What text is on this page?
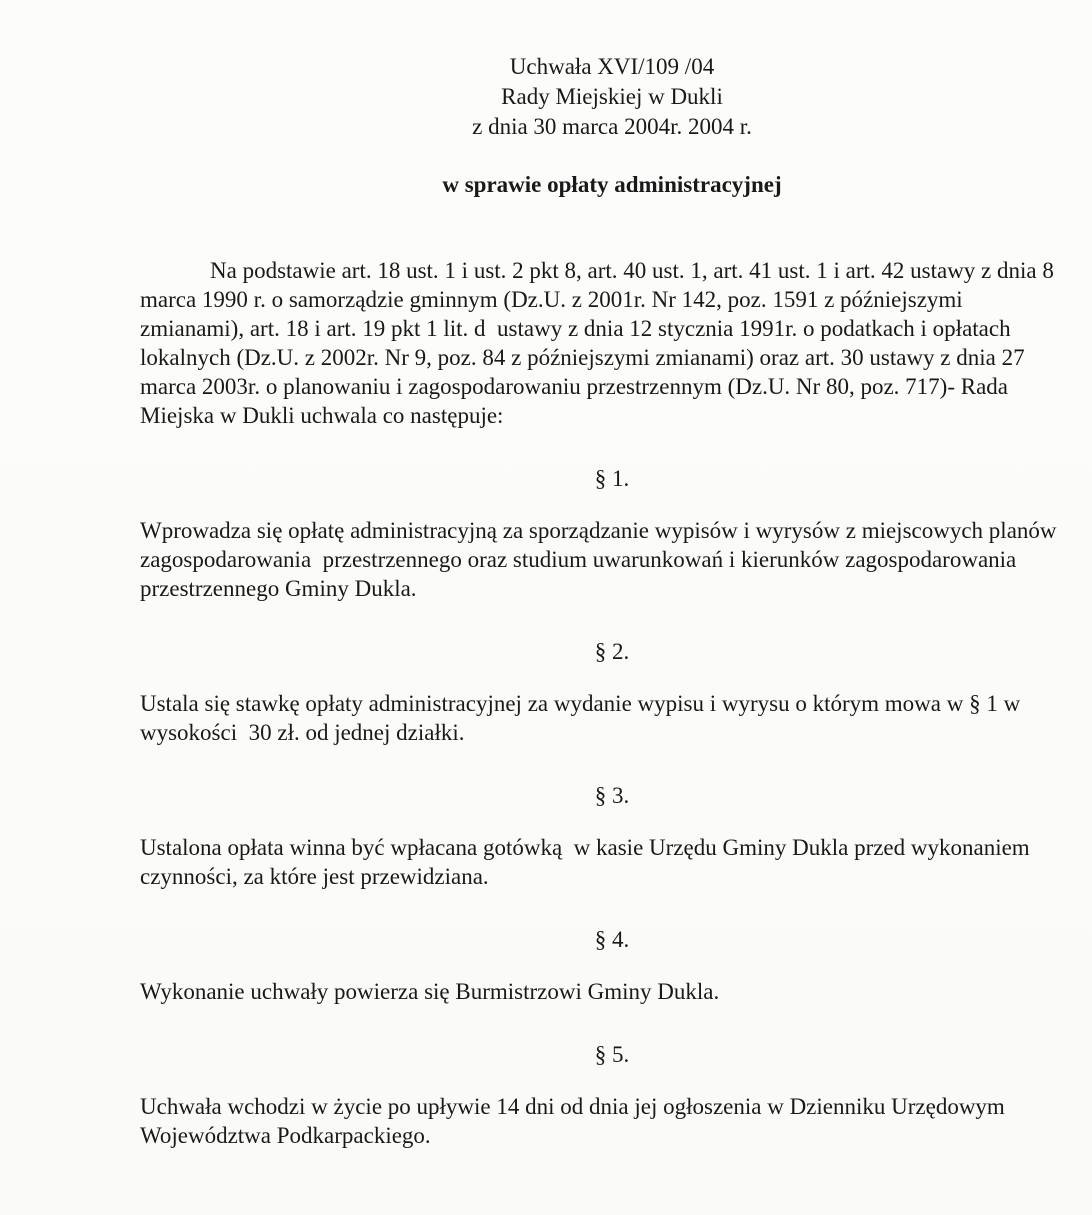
Uchwała XVI/109 /04
Rady Miejskiej w Dukli
z dnia 30 marca 2004r. 2004 r.
w sprawie opłaty administracyjnej

Na podstawie art. 18 ust. 1 i ust. 2 pkt 8, art. 40 ust. 1, art. 41 ust. 1 i art. 42 ustawy z dnia 8 marca 1990 r. o samorządzie gminnym (Dz.U. z 2001r. Nr 142, poz. 1591 z późniejszymi zmianami), art. 18 i art. 19 pkt 1 lit. d  ustawy z dnia 12 stycznia 1991r. o podatkach i opłatach lokalnych (Dz.U. z 2002r. Nr 9, poz. 84 z późniejszymi zmianami) oraz art. 30 ustawy z dnia 27 marca 2003r. o planowaniu i zagospodarowaniu przestrzennym (Dz.U. Nr 80, poz. 717)- Rada Miejska w Dukli uchwala co następuje:

§ 1.

Wprowadza się opłatę administracyjną za sporządzanie wypisów i wyrysów z miejscowych planów zagospodarowania  przestrzennego oraz studium uwarunkowań i kierunków zagospodarowania przestrzennego Gminy Dukla.

§ 2.

Ustala się stawkę opłaty administracyjnej za wydanie wypisu i wyrysu o którym mowa w § 1 w wysokości  30 zł. od jednej działki.

§ 3.

Ustalona opłata winna być wpłacana gotówką  w kasie Urzędu Gminy Dukla przed wykonaniem czynności, za które jest przewidziana.

§ 4.

Wykonanie uchwały powierza się Burmistrzowi Gminy Dukla.

§ 5.

Uchwała wchodzi w życie po upływie 14 dni od dnia jej ogłoszenia w Dzienniku Urzędowym Województwa Podkarpackiego.
